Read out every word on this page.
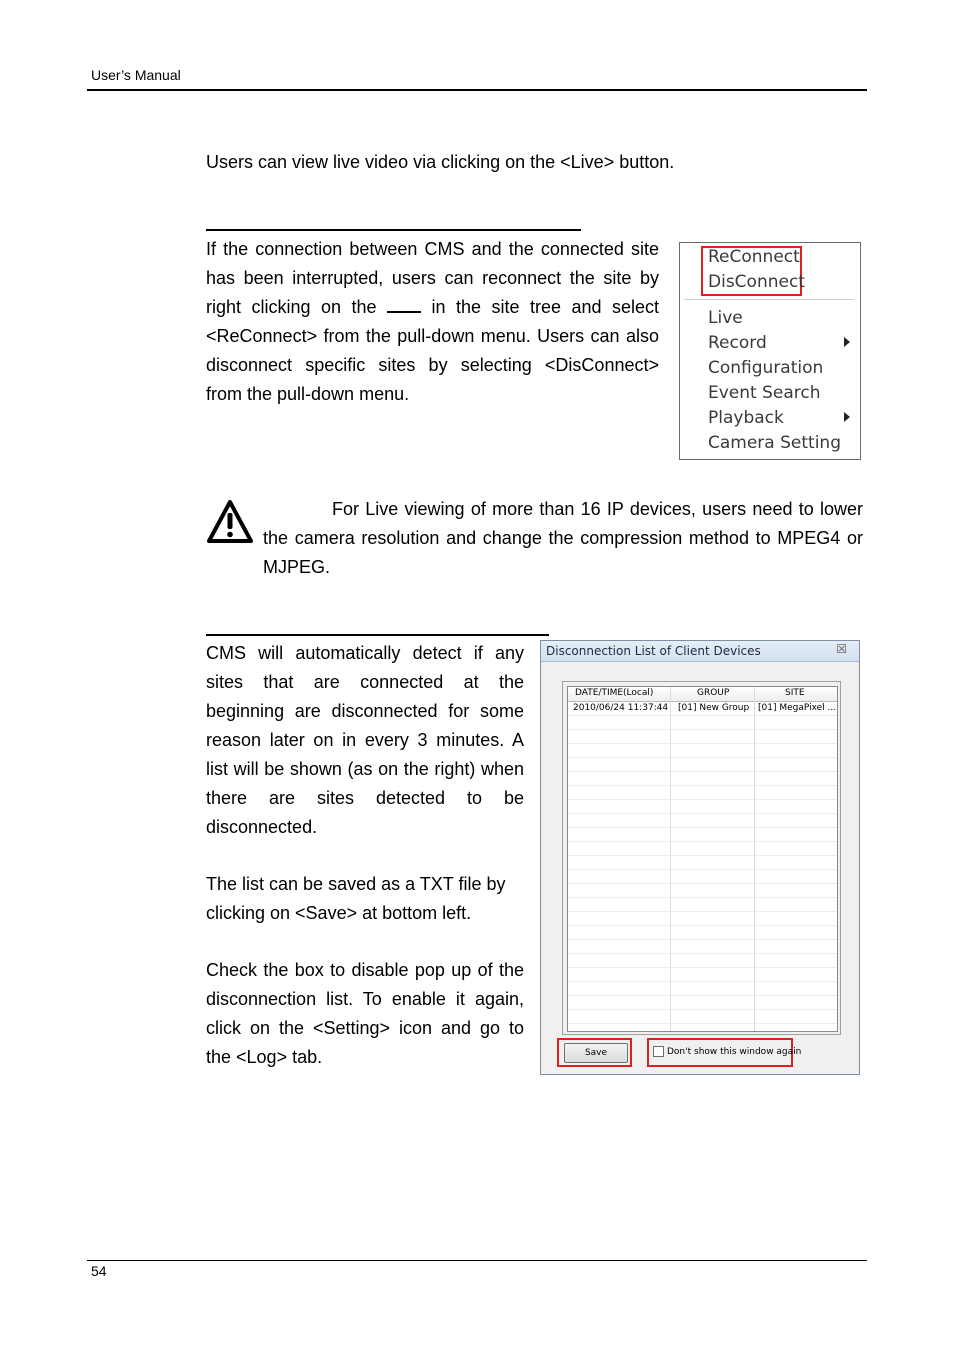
User’s Manual
Users can view live video via clicking on the <Live> button.
If the connection between CMS and the connected site has been interrupted, users can reconnect the site by right clicking on the  in the site tree and select <ReConnect> from the pull-down menu. Users can also disconnect specific sites by selecting <DisConnect> from the pull-down menu.
ReConnect
DisConnect
Live
Record
Configuration
Event Search
Playback
Camera Setting
For Live viewing of more than 16 IP devices, users need to lower the camera resolution and change the compression method to MPEG4 or MJPEG.
CMS will automatically detect if any sites that are connected at the beginning are disconnected for some reason later on in every 3 minutes. A list will be shown (as on the right) when there are sites detected to be disconnected.
The list can be saved as a TXT file by clicking on <Save> at bottom left.
Check the box to disable pop up of the disconnection list. To enable it again, click on the <Setting> icon and go to the <Log> tab.
Disconnection List of Client Devices	☒
DATE/TIME(Local)	GROUP	SITE
2010/06/24 11:37:44 [01] New Group [01] MegaPixel ...
Save	Don't show this window again
54
